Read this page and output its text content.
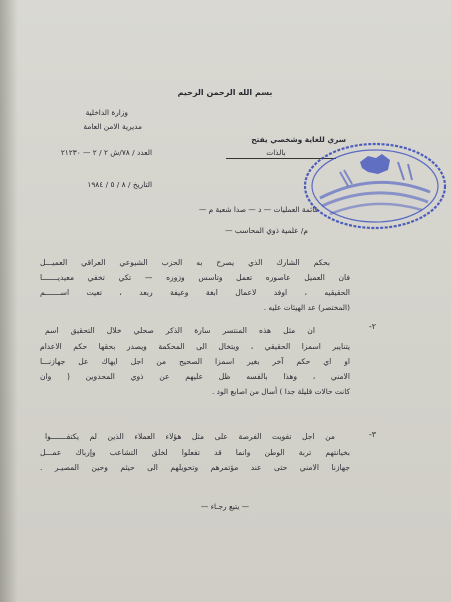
بسم الله الرحمن الرحيم
وزارة الداخلية
مديرية الامن العامة
العدد / ٧٨/ش ٢ / ٢ — ٢١٢٣٠
التاريخ / ٨ / ٥ / ١٩٨٤
سري للغاية وشخصي يفتح
بالذات
قائمة العمليات — د — صدا شعبة م —
م/ علمية ذوي المحاسب —
بحكم الشارك الذي يصرح به الحزب الشيوعي العراقي العميـــل
فان العميل عاصوره تعمل وتاسس وزوره — تكي تخفي معيديـــــــا
الحقيقيه ، اوفد لاعمال ابغة وعيفة ربعد ، تعيت اســـــــم
(المختصر) عد الهيئات عليه .
٢-
ان مثل هذه المنتسر سارة الذكر صحلي خلال التحقيق اسم
يتنايبر اسمزا الحقيقي ، ويتخال الى المحكمة ويصدر بحقها حكم الاعدام
او اي حكم آخر بغير اسمزا الصحيح من اجل ايهاك عل جهازنـــا
الامني ، وهذا بالفسه ظل عليهم عن ذوي المحدوين ( وان
كانت حالات قليلة جدا ) أسال من اصابع الود .
٣-
من اجل تفويت الفرصة على مثل هؤلاء العملاء الذين لم يكتفـــــــوا
بخيانتهم تربة الوطن وانما قد تفعلوا لخلق التشاعب وإرباك عمـــل
جهازنا الامني حتى عند مؤتمرهم وتحويلهم الى حيثم وحين المصيـر .
— يتبع رجـاء —
